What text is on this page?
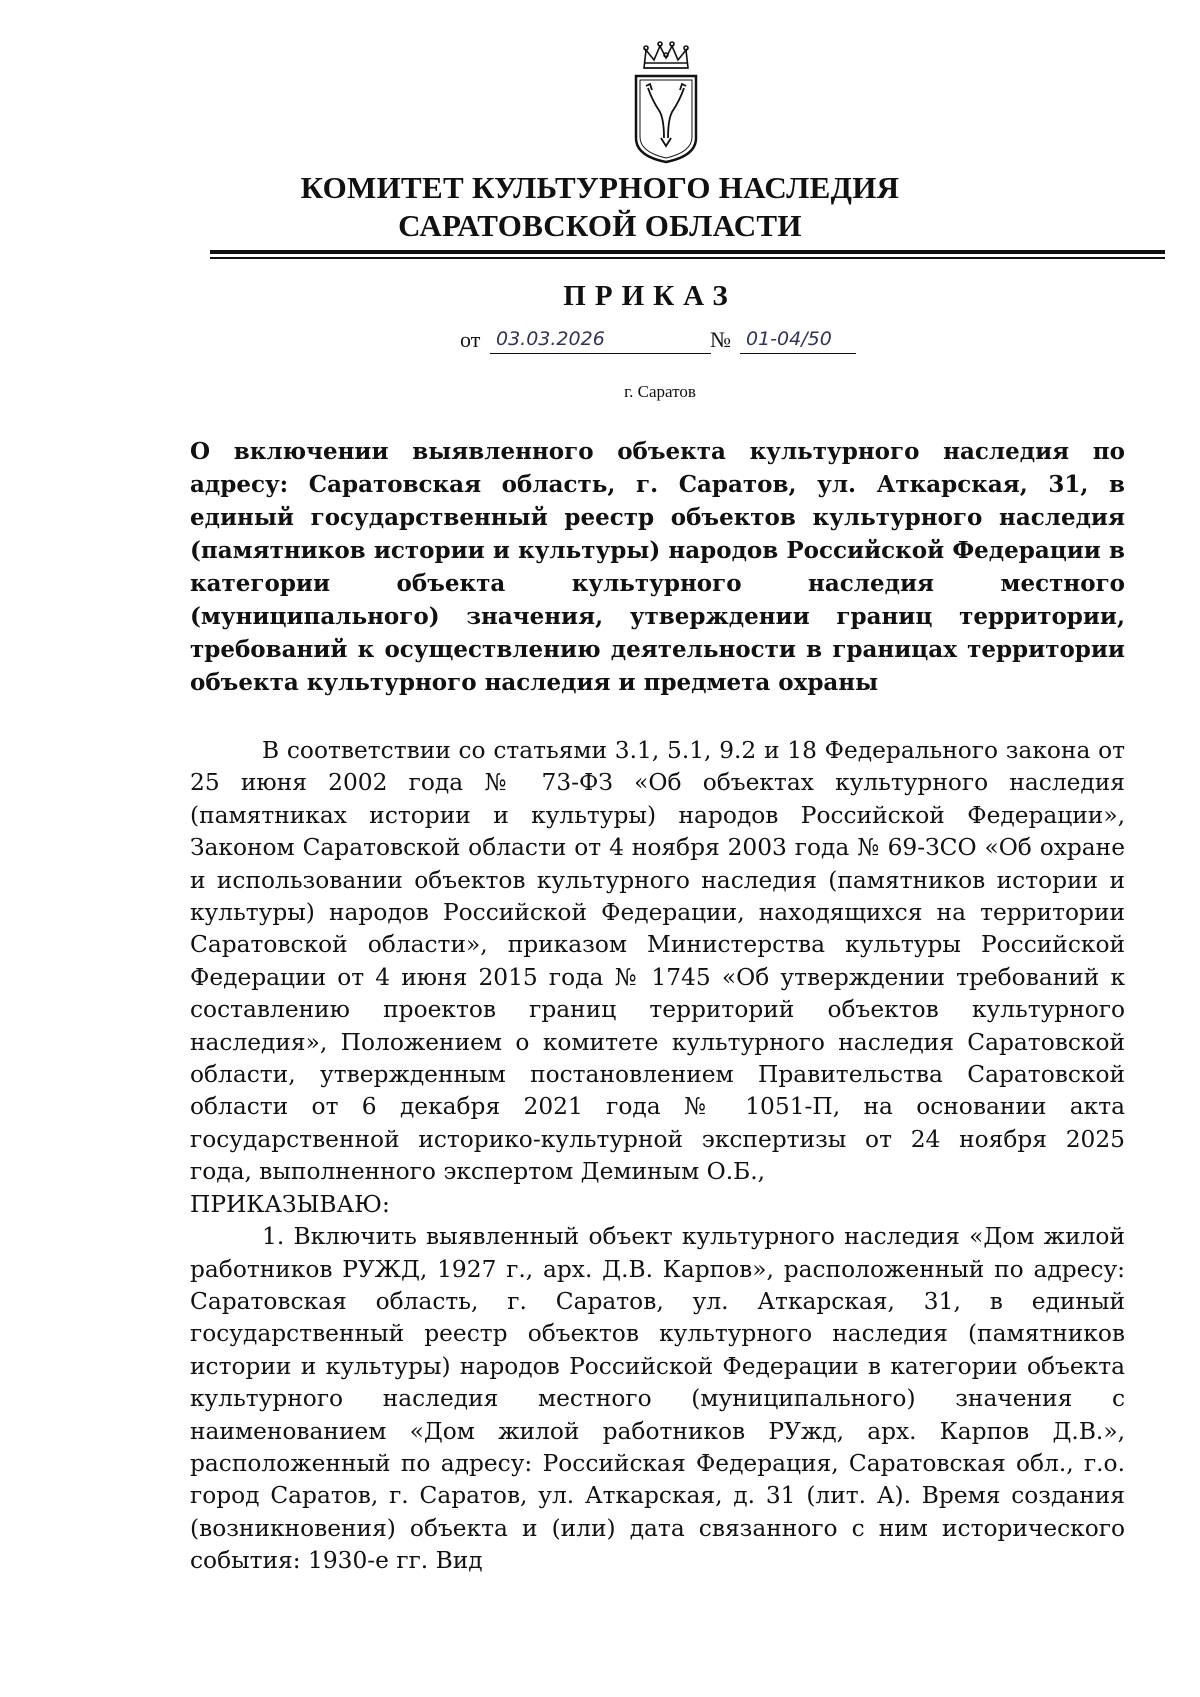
КОМИТЕТ КУЛЬТУРНОГО НАСЛЕДИЯ
САРАТОВСКОЙ ОБЛАСТИ
ПРИКАЗ
от 03.03.2026	№ 01-04/50
г. Саратов

О включении выявленного объекта культурного наследия по адресу: Саратовская область, г. Саратов, ул. Аткарская, 31, в единый государственный реестр объектов культурного наследия (памятников истории и культуры) народов Российской Федерации в категории объекта культурного наследия местного (муниципального) значения, утверждении границ территории, требований к осуществлению деятельности в границах территории объекта культурного наследия и предмета охраны

В соответствии со статьями 3.1, 5.1, 9.2 и 18 Федерального закона от 25 июня 2002 года № 73-ФЗ «Об объектах культурного наследия (памятниках истории и культуры) народов Российской Федерации», Законом Саратовской области от 4 ноября 2003 года № 69-ЗСО «Об охране и использовании объектов культурного наследия (памятников истории и культуры) народов Российской Федерации, находящихся на территории Саратовской области», приказом Министерства культуры Российской Федерации от 4 июня 2015 года № 1745 «Об утверждении требований к составлению проектов границ территорий объектов культурного наследия», Положением о комитете культурного наследия Саратовской области, утвержденным постановлением Правительства Саратовской области от 6 декабря 2021 года № 1051-П, на основании акта государственной историко-культурной экспертизы от 24 ноября 2025 года, выполненного экспертом Деминым О.Б.,

ПРИКАЗЫВАЮ:

1. Включить выявленный объект культурного наследия «Дом жилой работников РУЖД, 1927 г., арх. Д.В. Карпов», расположенный по адресу: Саратовская область, г. Саратов, ул. Аткарская, 31, в единый государственный реестр объектов культурного наследия (памятников истории и культуры) народов Российской Федерации в категории объекта культурного наследия местного (муниципального) значения с наименованием «Дом жилой работников РУжд, арх. Карпов Д.В.», расположенный по адресу: Российская Федерация, Саратовская обл., г.о. город Саратов, г. Саратов, ул. Аткарская, д. 31 (лит. А). Время создания (возникновения) объекта и (или) дата связанного с ним исторического события: 1930-е гг. Вид
